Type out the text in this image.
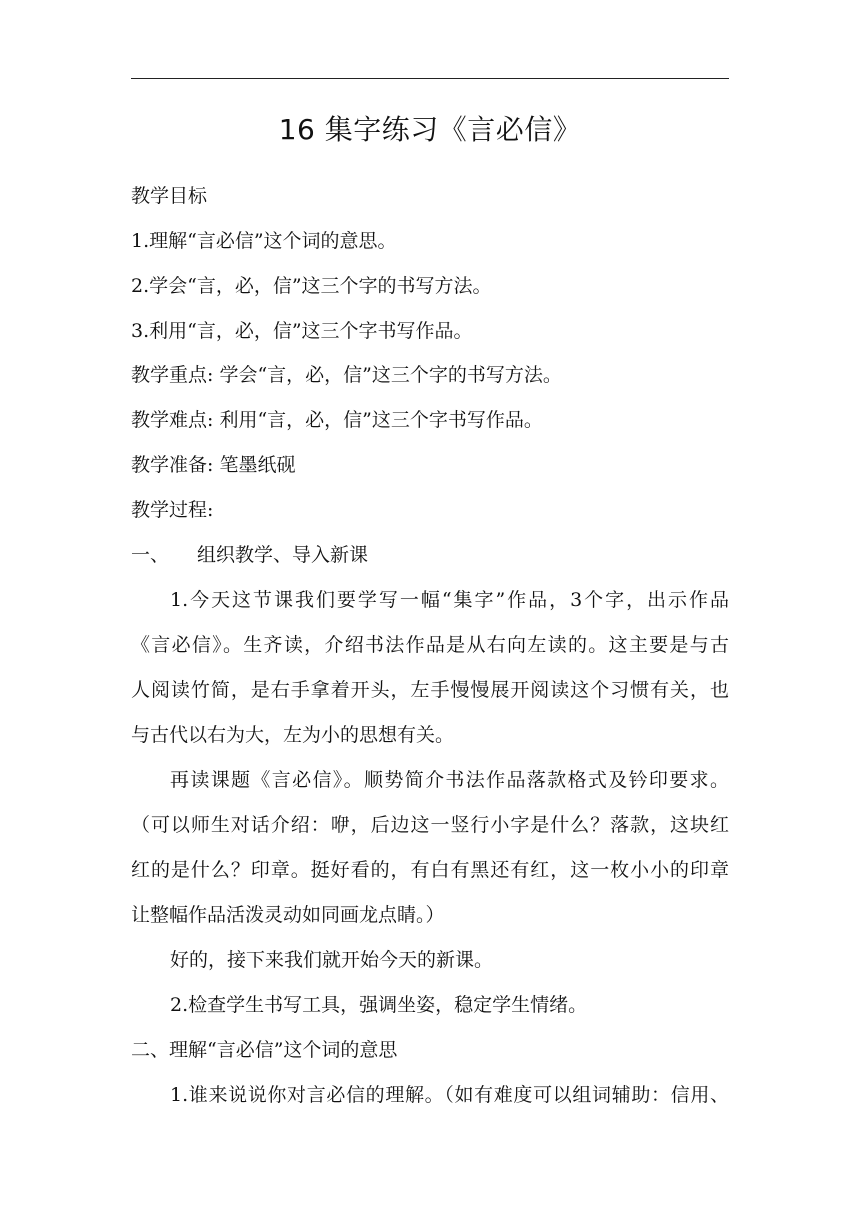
16 集字练习《言必信》
教学目标
1.理解“言必信”这个词的意思。
2.学会“言，必，信”这三个字的书写方法。
3.利用“言，必，信”这三个字书写作品。
教学重点: 学会“言，必，信”这三个字的书写方法。
教学难点: 利用“言，必，信”这三个字书写作品。
教学准备: 笔墨纸砚
教学过程:
一、 组织教学、导入新课
1.今天这节课我们要学写一幅“集字”作品，3个字，出示作品
《言必信》。生齐读，介绍书法作品是从右向左读的。这主要是与古
人阅读竹简，是右手拿着开头，左手慢慢展开阅读这个习惯有关，也
与古代以右为大，左为小的思想有关。
再读课题《言必信》。顺势简介书法作品落款格式及钤印要求。
（可以师生对话介绍：咿，后边这一竖行小字是什么？落款，这块红
红的是什么？印章。挺好看的，有白有黑还有红，这一枚小小的印章
让整幅作品活泼灵动如同画龙点睛。）
好的，接下来我们就开始今天的新课。
2.检查学生书写工具，强调坐姿，稳定学生情绪。
二、理解“言必信”这个词的意思
1.谁来说说你对言必信的理解。（如有难度可以组词辅助：信用、
